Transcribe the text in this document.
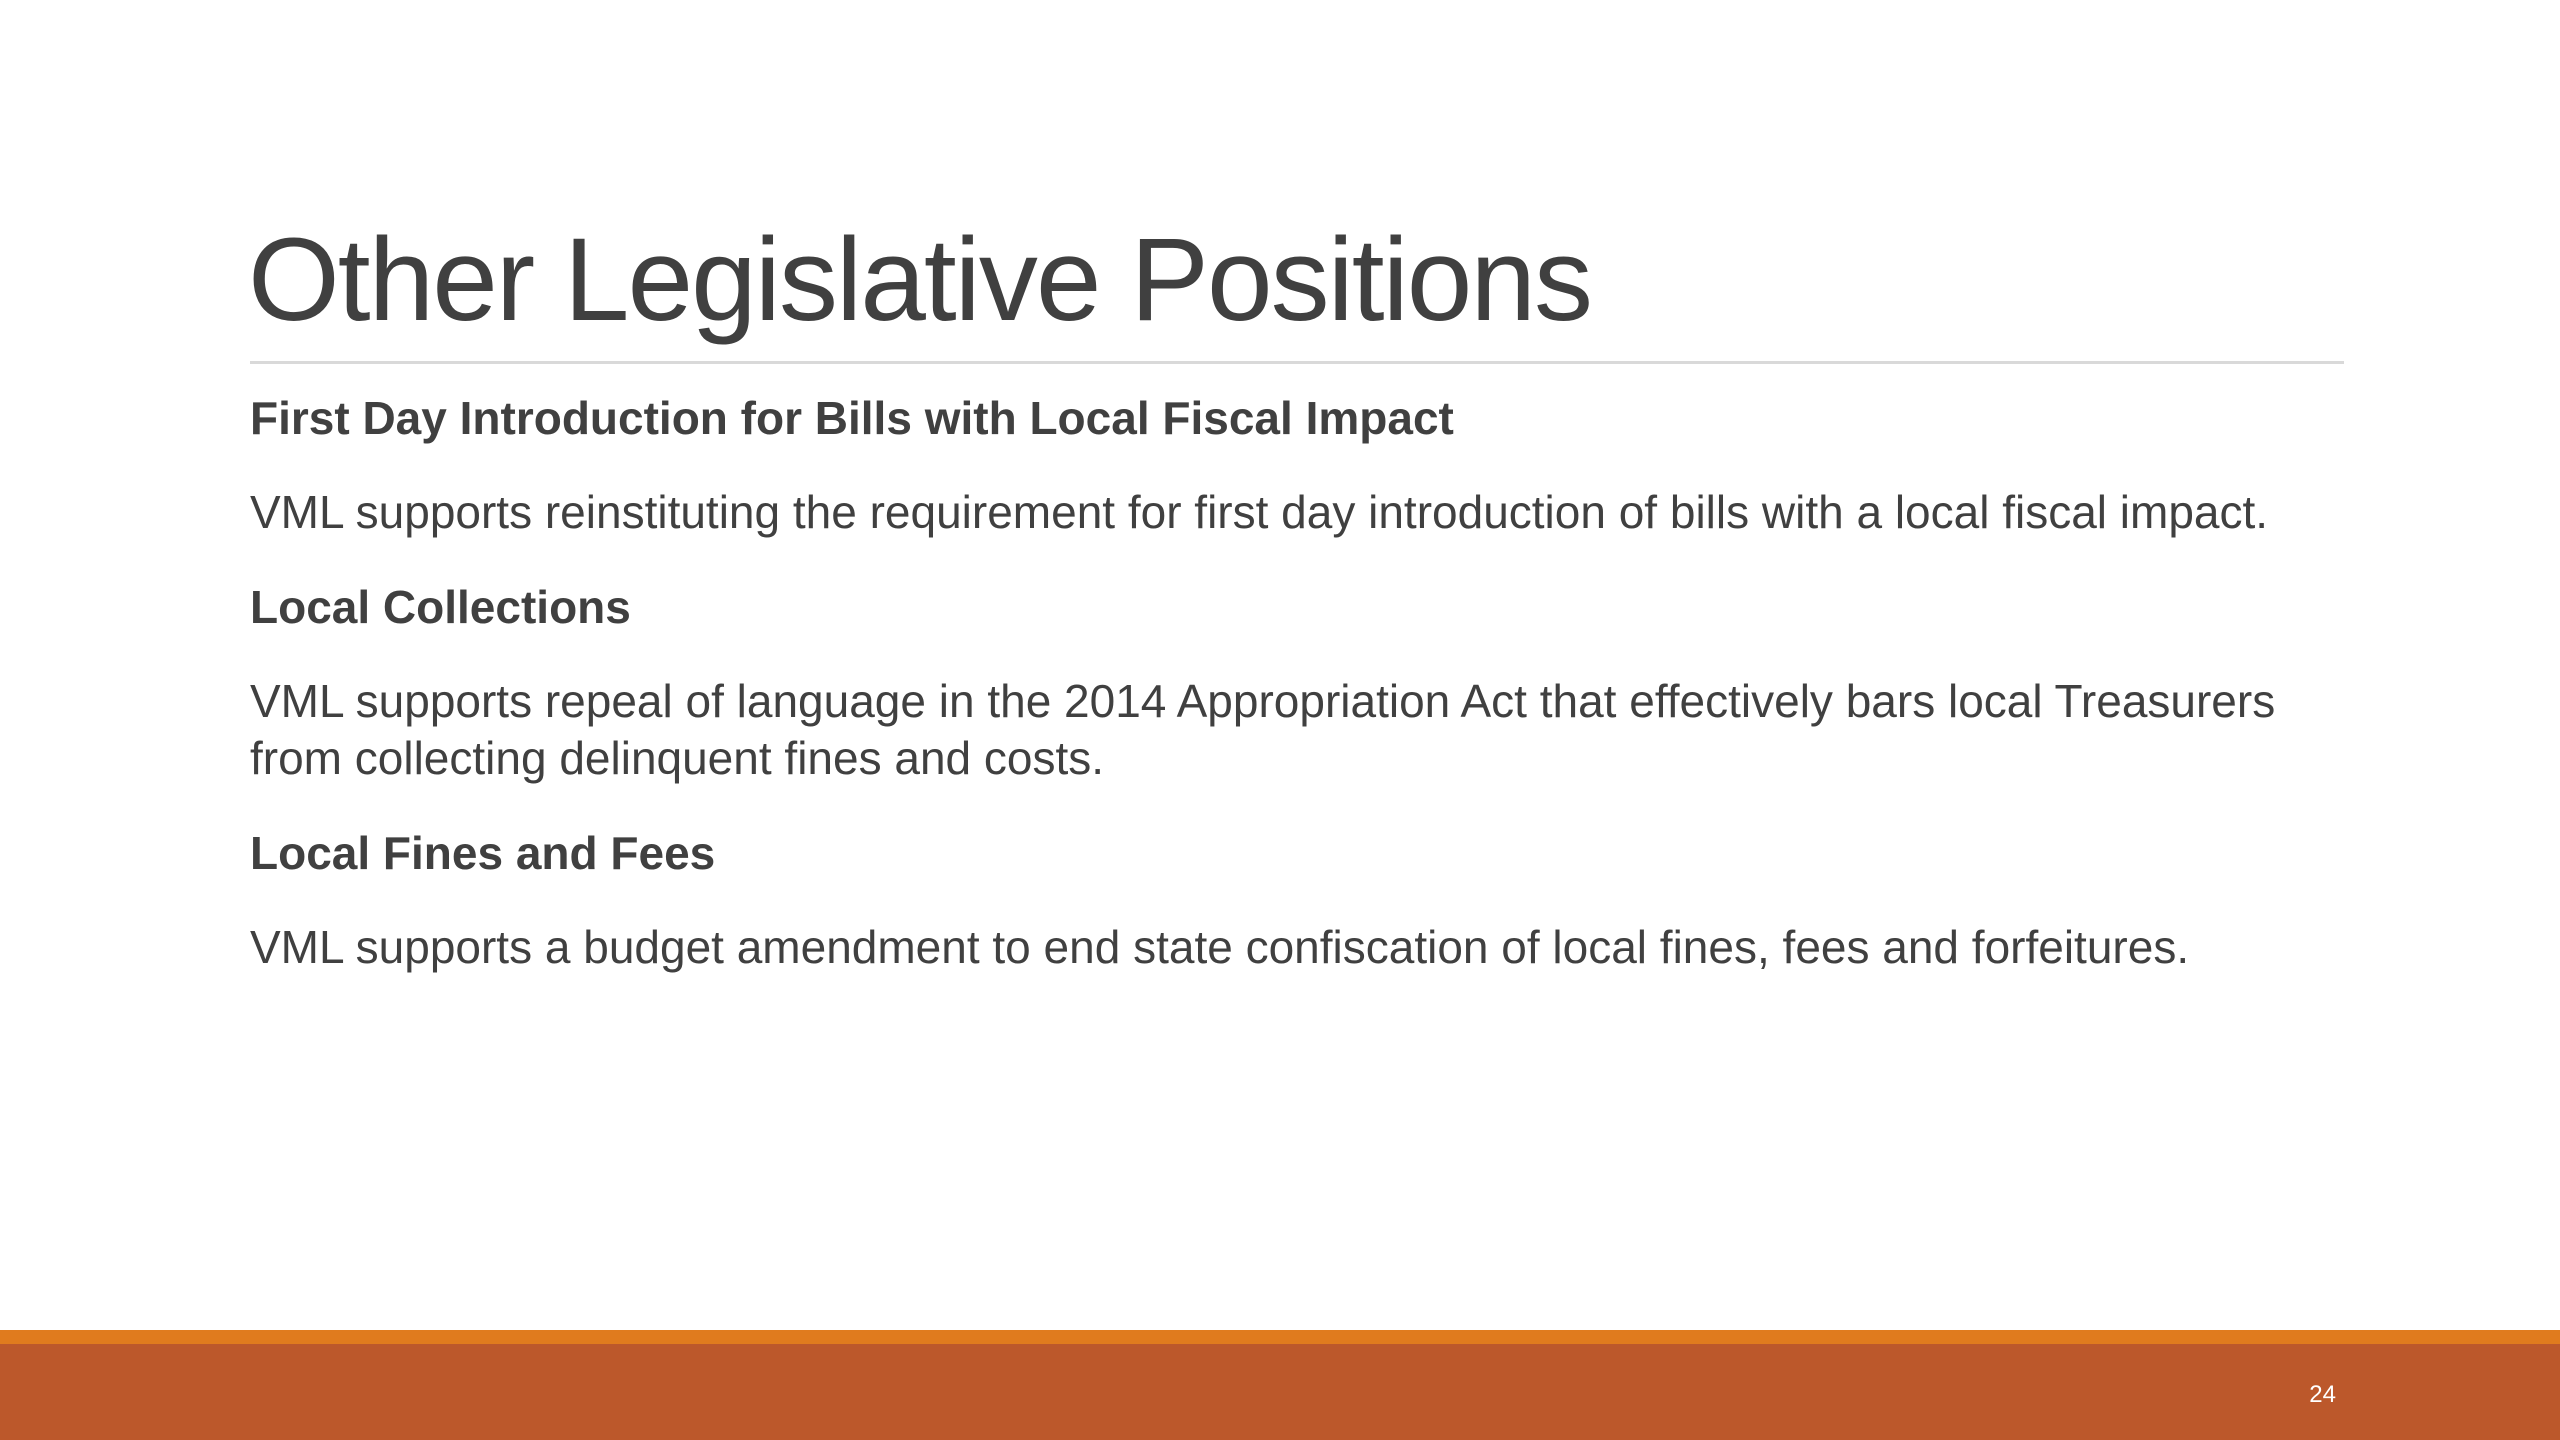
Other Legislative Positions
First Day Introduction for Bills with Local Fiscal Impact
VML supports reinstituting the requirement for first day introduction of bills with a local fiscal impact.
Local Collections
VML supports repeal of language in the 2014 Appropriation Act that effectively bars local Treasurers from collecting delinquent fines and costs.
Local Fines and Fees
VML supports a budget amendment to end state confiscation of local fines, fees and forfeitures.
24
